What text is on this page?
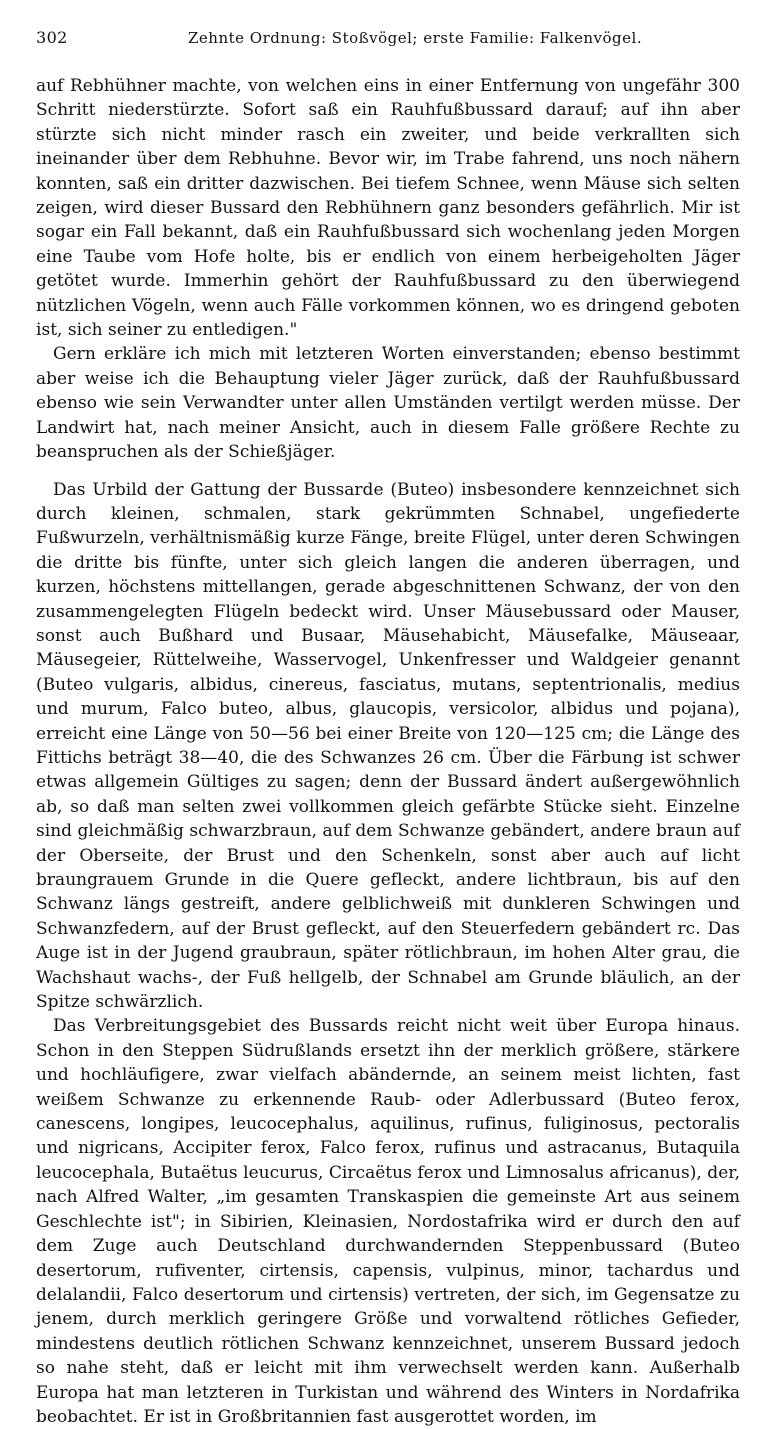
302	Zehnte Ordnung: Stoßvögel; erste Familie: Falkenvögel.

auf Rebhühner machte, von welchen eins in einer Entfernung von ungefähr 300 Schritt niederstürzte. Sofort saß ein Rauhfußbussard darauf; auf ihn aber stürzte sich nicht minder rasch ein zweiter, und beide verkrallten sich ineinander über dem Rebhuhne. Bevor wir, im Trabe fahrend, uns noch nähern konnten, saß ein dritter dazwischen. Bei tiefem Schnee, wenn Mäuse sich selten zeigen, wird dieser Bussard den Rebhühnern ganz besonders gefährlich. Mir ist sogar ein Fall bekannt, daß ein Rauhfußbussard sich wochenlang jeden Morgen eine Taube vom Hofe holte, bis er endlich von einem herbeigeholten Jäger getötet wurde. Immerhin gehört der Rauhfußbussard zu den überwiegend nützlichen Vögeln, wenn auch Fälle vorkommen können, wo es dringend geboten ist, sich seiner zu entledigen."

Gern erkläre ich mich mit letzteren Worten einverstanden; ebenso bestimmt aber weise ich die Behauptung vieler Jäger zurück, daß der Rauhfußbussard ebenso wie sein Verwandter unter allen Umständen vertilgt werden müsse. Der Landwirt hat, nach meiner Ansicht, auch in diesem Falle größere Rechte zu beanspruchen als der Schießjäger.

Das Urbild der Gattung der Bussarde (Buteo) insbesondere kennzeichnet sich durch kleinen, schmalen, stark gekrümmten Schnabel, ungefiederte Fußwurzeln, verhältnismäßig kurze Fänge, breite Flügel, unter deren Schwingen die dritte bis fünfte, unter sich gleich langen die anderen überragen, und kurzen, höchstens mittellangen, gerade abgeschnittenen Schwanz, der von den zusammengelegten Flügeln bedeckt wird. Unser Mäusebussard oder Mauser, sonst auch Bußhard und Busaar, Mäusehabicht, Mäusefalke, Mäuseaar, Mäusegeier, Rüttelweihe, Wasservogel, Unkenfresser und Waldgeier genannt (Buteo vulgaris, albidus, cinereus, fasciatus, mutans, septentrionalis, medius und murum, Falco buteo, albus, glaucopis, versicolor, albidus und pojana), erreicht eine Länge von 50—56 bei einer Breite von 120—125 cm; die Länge des Fittichs beträgt 38—40, die des Schwanzes 26 cm. Über die Färbung ist schwer etwas allgemein Gültiges zu sagen; denn der Bussard ändert außergewöhnlich ab, so daß man selten zwei vollkommen gleich gefärbte Stücke sieht. Einzelne sind gleichmäßig schwarzbraun, auf dem Schwanze gebändert, andere braun auf der Oberseite, der Brust und den Schenkeln, sonst aber auch auf licht braungrauem Grunde in die Quere gefleckt, andere lichtbraun, bis auf den Schwanz längs gestreift, andere gelblichweiß mit dunkleren Schwingen und Schwanzfedern, auf der Brust gefleckt, auf den Steuerfedern gebändert rc. Das Auge ist in der Jugend graubraun, später rötlichbraun, im hohen Alter grau, die Wachshaut wachs-, der Fuß hellgelb, der Schnabel am Grunde bläulich, an der Spitze schwärzlich.

Das Verbreitungsgebiet des Bussards reicht nicht weit über Europa hinaus. Schon in den Steppen Südrußlands ersetzt ihn der merklich größere, stärkere und hochläufigere, zwar vielfach abändernde, an seinem meist lichten, fast weißem Schwanze zu erkennende Raub- oder Adlerbussard (Buteo ferox, canescens, longipes, leucocephalus, aquilinus, rufinus, fuliginosus, pectoralis und nigricans, Accipiter ferox, Falco ferox, rufinus und astracanus, Butaquila leucocephala, Butaëtus leucurus, Circaëtus ferox und Limnosalus africanus), der, nach Alfred Walter, „im gesamten Transkaspien die gemeinste Art aus seinem Geschlechte ist"; in Sibirien, Kleinasien, Nordostafrika wird er durch den auf dem Zuge auch Deutschland durchwandernden Steppenbussard (Buteo desertorum, rufiventer, cirtensis, capensis, vulpinus, minor, tachardus und delalandii, Falco desertorum und cirtensis) vertreten, der sich, im Gegensatze zu jenem, durch merklich geringere Größe und vorwaltend rötliches Gefieder, mindestens deutlich rötlichen Schwanz kennzeichnet, unserem Bussard jedoch so nahe steht, daß er leicht mit ihm verwechselt werden kann. Außerhalb Europa hat man letzteren in Turkistan und während des Winters in Nordafrika beobachtet. Er ist in Großbritannien fast ausgerottet worden, im
